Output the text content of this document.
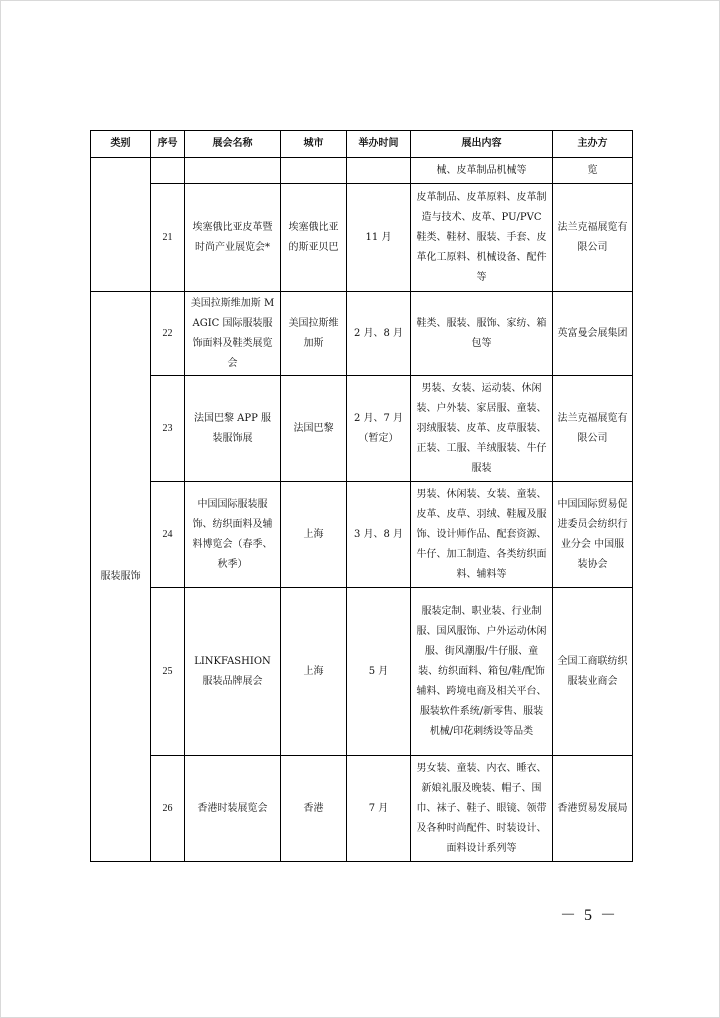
类别	序号	展会名称	城市	举办时间	展出内容	主办方
					械、皮革制品机械等	览
	21	埃塞俄比亚皮革暨时尚产业展览会*	埃塞俄比亚的斯亚贝巴	11 月	皮革制品、皮革原料、皮革制造与技术、皮革、PU/PVC 鞋类、鞋材、服装、手套、皮革化工原料、机械设备、配件等	法兰克福展览有限公司
服装服饰	22	美国拉斯维加斯 MAGIC 国际服装服饰面料及鞋类展览会	美国拉斯维加斯	2 月、8 月	鞋类、服装、服饰、家纺、箱包等	英富曼会展集团
	23	法国巴黎 APP 服装服饰展	法国巴黎	2 月、7 月（暂定）	男装、女装、运动装、休闲装、户外装、家居服、童装、羽绒服装、皮革、皮草服装、正装、工服、羊绒服装、牛仔服装	法兰克福展览有限公司
	24	中国国际服装服饰、纺织面料及辅料博览会（春季、秋季）	上海	3 月、8 月	男装、休闲装、女装、童装、皮革、皮草、羽绒、鞋履及服饰、设计师作品、配套资源、牛仔、加工制造、各类纺织面料、辅料等	中国国际贸易促进委员会纺织行业分会 中国服装协会
	25	LINKFASHION 服装品牌展会	上海	5 月	服装定制、职业装、行业制服、国风服饰、户外运动休闲服、街风潮服/牛仔服、童装、纺织面料、箱包/鞋/配饰辅料、跨境电商及相关平台、服装软件系统/新零售、服装机械/印花刺绣设等品类	全国工商联纺织服装业商会
	26	香港时装展览会	香港	7 月	男女装、童装、内衣、睡衣、新娘礼服及晚装、帽子、围巾、袜子、鞋子、眼镜、领带及各种时尚配件、时装设计、面料设计系列等	香港贸易发展局
－ 5 －
